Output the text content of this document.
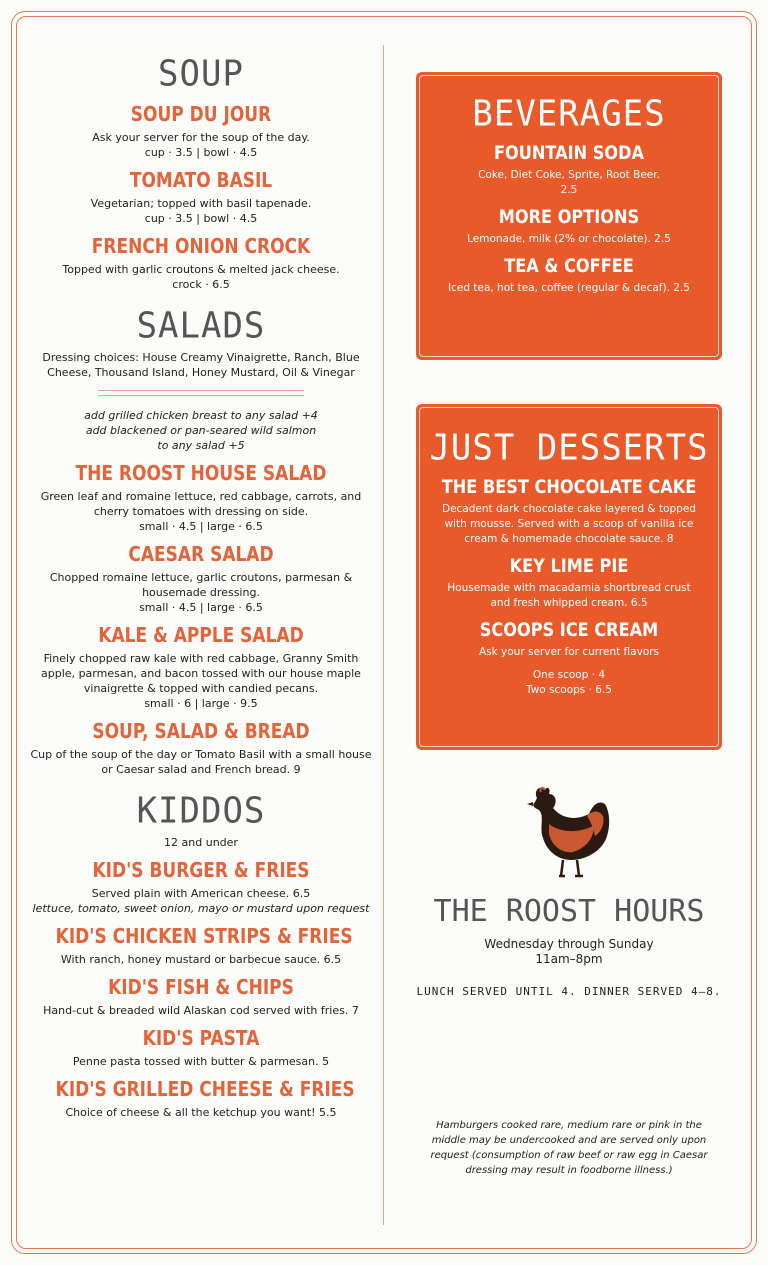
SOUP
SOUP DU JOUR

Ask your server for the soup of the day.

cup · 3.5 | bowl · 4.5

TOMATO BASIL

Vegetarian; topped with basil tapenade.

cup · 3.5 | bowl · 4.5

FRENCH ONION CROCK

Topped with garlic croutons & melted jack cheese.

crock · 6.5

SALADS

Dressing choices: House Creamy Vinaigrette, Ranch, Blue Cheese, Thousand Island, Honey Mustard, Oil & Vinegar

add grilled chicken breast to any salad +4

add blackened or pan-seared wild salmon

to any salad +5

THE ROOST HOUSE SALAD

Green leaf and romaine lettuce, red cabbage, carrots, and cherry tomatoes with dressing on side.

small · 4.5 | large · 6.5

CAESAR SALAD

Chopped romaine lettuce, garlic croutons, parmesan & housemade dressing.

small · 4.5 | large · 6.5

KALE & APPLE SALAD

Finely chopped raw kale with red cabbage, Granny Smith apple, parmesan, and bacon tossed with our house maple vinaigrette & topped with candied pecans.

small · 6 | large · 9.5

SOUP, SALAD & BREAD

Cup of the soup of the day or Tomato Basil with a small house or Caesar salad and French bread. 9

KIDDOS

12 and under

KID'S BURGER & FRIES

Served plain with American cheese. 6.5

lettuce, tomato, sweet onion, mayo or mustard upon request

KID'S CHICKEN STRIPS & FRIES

With ranch, honey mustard or barbecue sauce. 6.5

KID'S FISH & CHIPS

Hand-cut & breaded wild Alaskan cod served with fries. 7

KID'S PASTA

Penne pasta tossed with butter & parmesan. 5

KID'S GRILLED CHEESE & FRIES

Choice of cheese & all the ketchup you want! 5.5

BEVERAGES
FOUNTAIN SODA

Coke, Diet Coke, Sprite, Root Beer. 2.5

MORE OPTIONS

Lemonade, milk (2% or chocolate). 2.5

TEA & COFFEE

Iced tea, hot tea, coffee (regular & decaf). 2.5

JUST DESSERTS
THE BEST CHOCOLATE CAKE

Decadent dark chocolate cake layered & topped with mousse. Served with a scoop of vanilla ice cream & homemade chocolate sauce. 8

KEY LIME PIE

Housemade with macadamia shortbread crust and fresh whipped cream. 6.5

SCOOPS ICE CREAM

Ask your server for current flavors

One scoop · 4

Two scoops · 6.5

THE ROOST HOURS

Wednesday through Sunday

11am–8pm

LUNCH SERVED UNTIL 4. DINNER SERVED 4–8.

Hamburgers cooked rare, medium rare or pink in the middle may be undercooked and are served only upon request (consumption of raw beef or raw egg in Caesar dressing may result in foodborne illness.)
